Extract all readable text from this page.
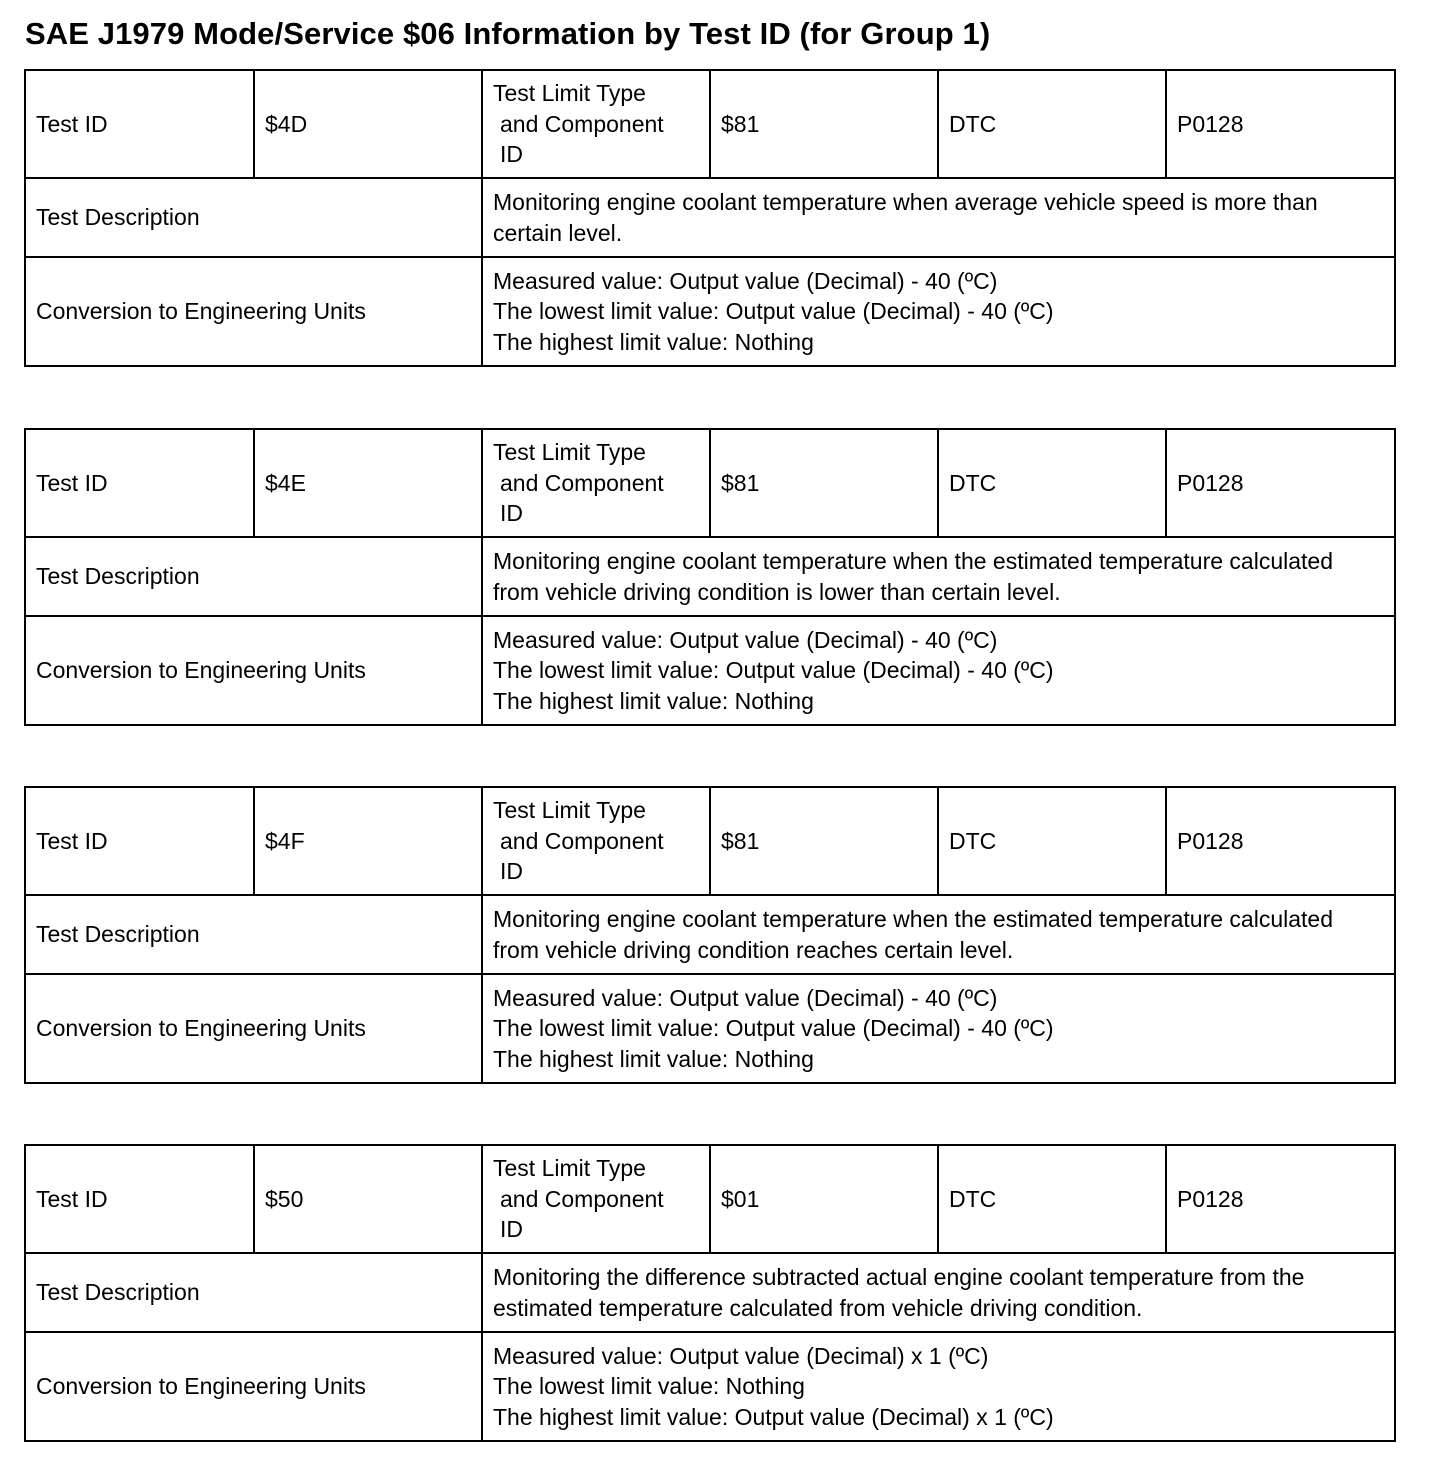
SAE J1979 Mode/Service $06 Information by Test ID (for Group 1)
Test ID	$4D	Test Limit Type
and Component
ID	$81	DTC	P0128
Test Description		Monitoring engine coolant temperature when average vehicle speed is more than certain level.			
Conversion to Engineering Units		Measured value: Output value (Decimal) - 40 (ºC)
The lowest limit value: Output value (Decimal) - 40 (ºC)
The highest limit value: Nothing			
Test ID	$4E	Test Limit Type
and Component
ID	$81	DTC	P0128
Test Description		Monitoring engine coolant temperature when the estimated temperature calculated from vehicle driving condition is lower than certain level.			
Conversion to Engineering Units		Measured value: Output value (Decimal) - 40 (ºC)
The lowest limit value: Output value (Decimal) - 40 (ºC)
The highest limit value: Nothing			
Test ID	$4F	Test Limit Type
and Component
ID	$81	DTC	P0128
Test Description		Monitoring engine coolant temperature when the estimated temperature calculated from vehicle driving condition reaches certain level.			
Conversion to Engineering Units		Measured value: Output value (Decimal) - 40 (ºC)
The lowest limit value: Output value (Decimal) - 40 (ºC)
The highest limit value: Nothing			
Test ID	$50	Test Limit Type
and Component
ID	$01	DTC	P0128
Test Description		Monitoring the difference subtracted actual engine coolant temperature from the estimated temperature calculated from vehicle driving condition.			
Conversion to Engineering Units		Measured value: Output value (Decimal) x 1 (ºC)
The lowest limit value: Nothing
The highest limit value: Output value (Decimal) x 1 (ºC)			
